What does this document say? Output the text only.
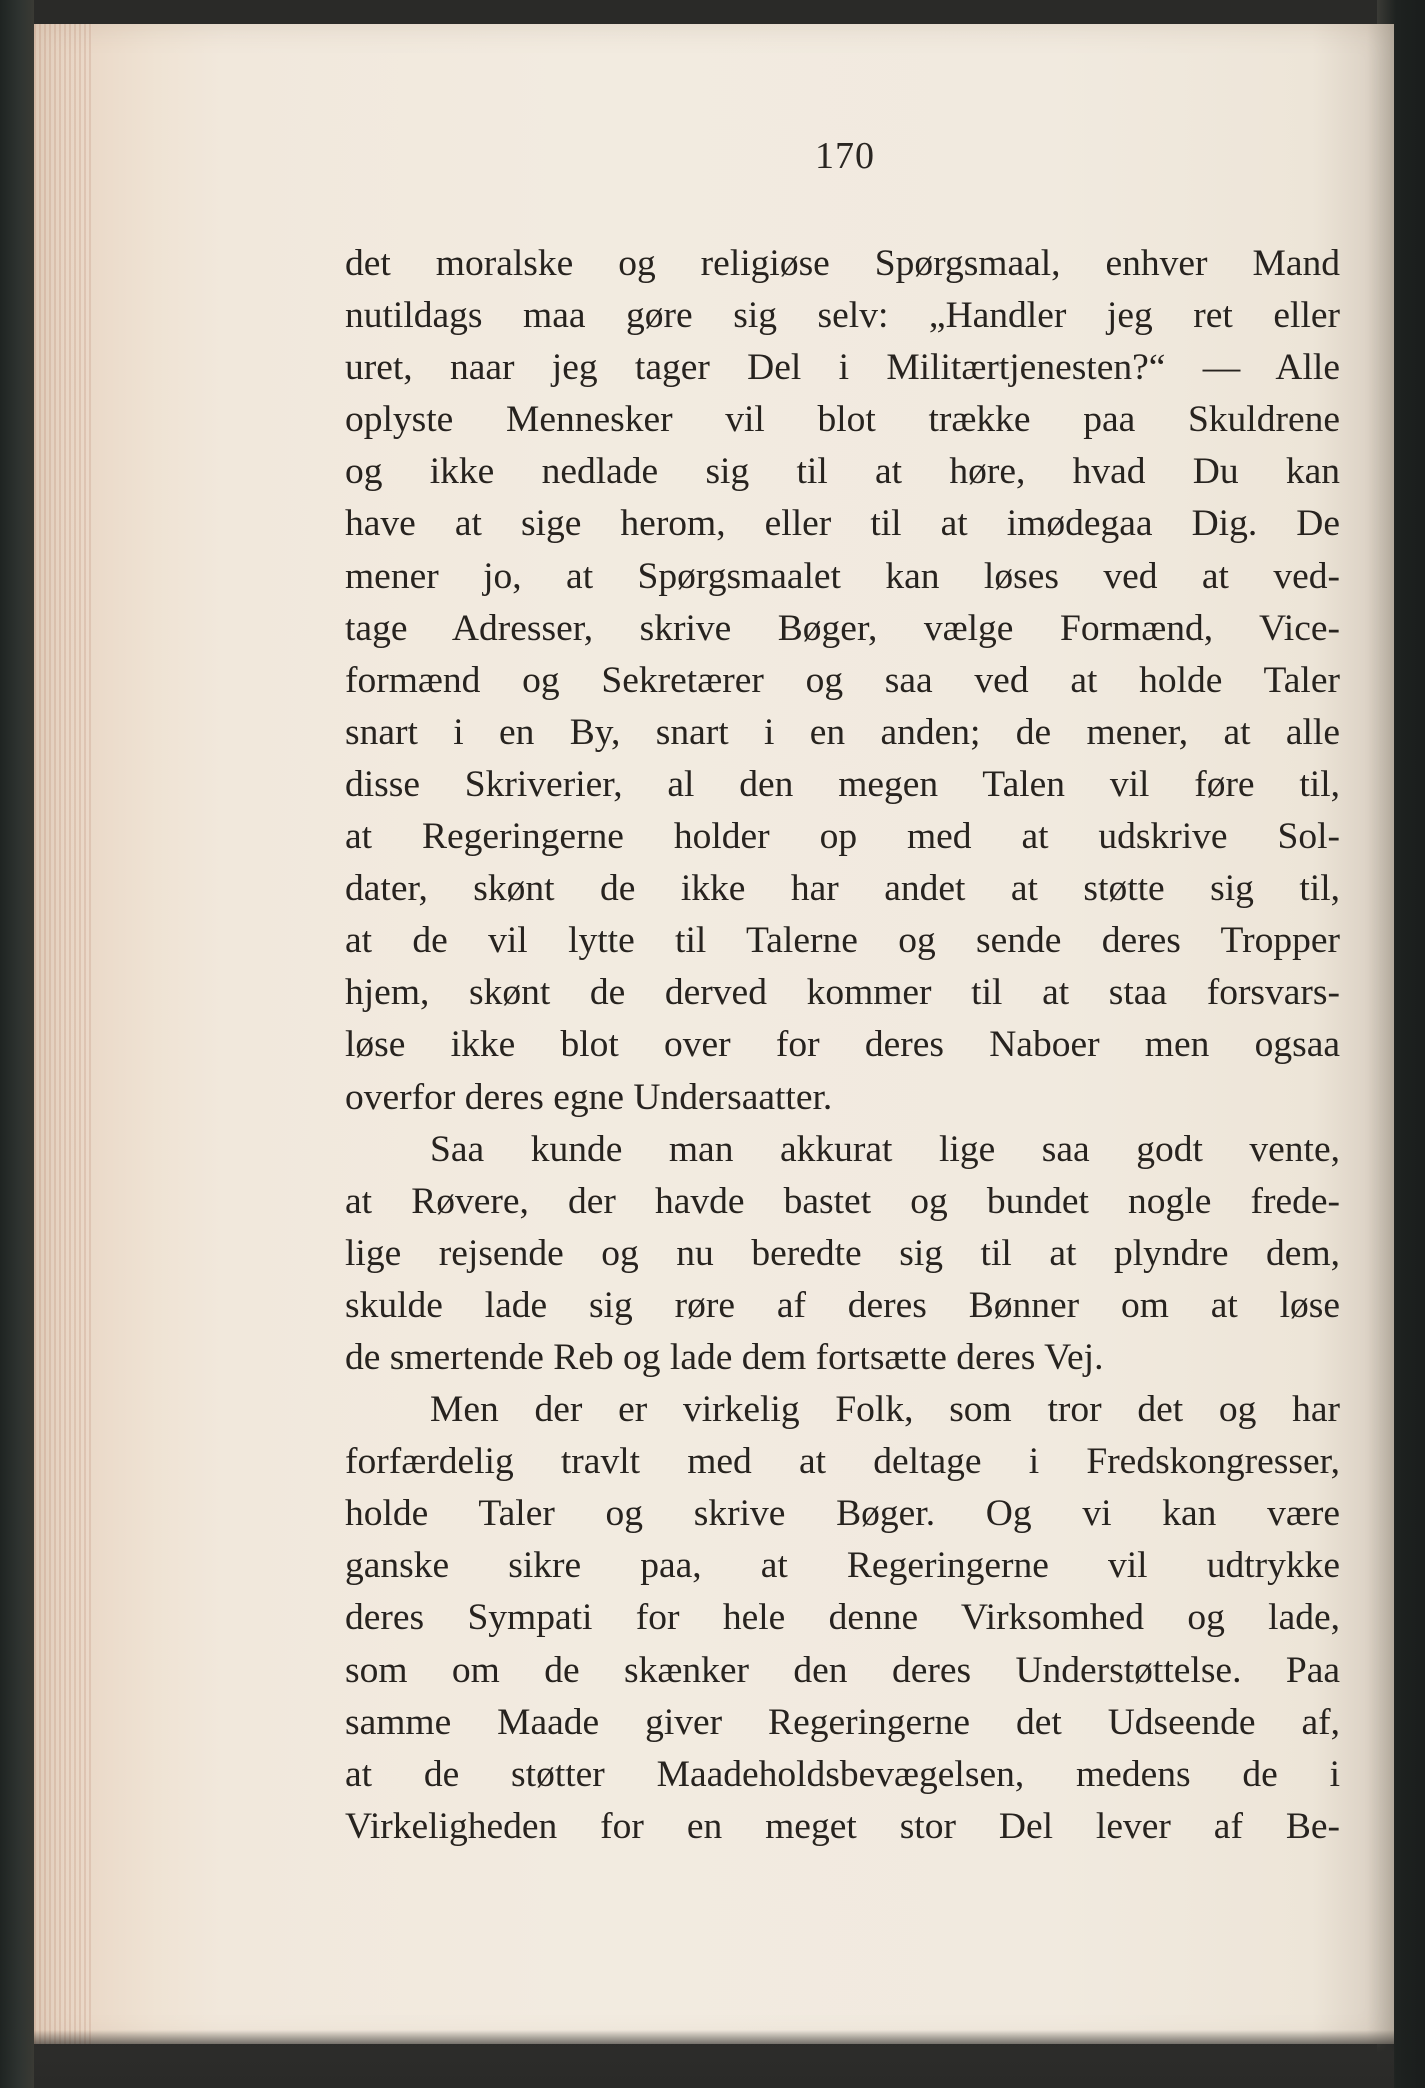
170
det moralske og religiøse Spørgsmaal, enhver Mand
nutildags maa gøre sig selv: „Handler jeg ret eller
uret, naar jeg tager Del i Militærtjenesten?“ — Alle
oplyste Mennesker vil blot trække paa Skuldrene
og ikke nedlade sig til at høre, hvad Du kan
have at sige herom, eller til at imødegaa Dig. De
mener jo, at Spørgsmaalet kan løses ved at ved-
tage Adresser, skrive Bøger, vælge Formænd, Vice-
formænd og Sekretærer og saa ved at holde Taler
snart i en By, snart i en anden; de mener, at alle
disse Skriverier, al den megen Talen vil føre til,
at Regeringerne holder op med at udskrive Sol-
dater, skønt de ikke har andet at støtte sig til,
at de vil lytte til Talerne og sende deres Tropper
hjem, skønt de derved kommer til at staa forsvars-
løse ikke blot over for deres Naboer men ogsaa
overfor deres egne Undersaatter.
Saa kunde man akkurat lige saa godt vente,
at Røvere, der havde bastet og bundet nogle frede-
lige rejsende og nu beredte sig til at plyndre dem,
skulde lade sig røre af deres Bønner om at løse
de smertende Reb og lade dem fortsætte deres Vej.
Men der er virkelig Folk, som tror det og har
forfærdelig travlt med at deltage i Fredskongresser,
holde Taler og skrive Bøger. Og vi kan være
ganske sikre paa, at Regeringerne vil udtrykke
deres Sympati for hele denne Virksomhed og lade,
som om de skænker den deres Understøttelse. Paa
samme Maade giver Regeringerne det Udseende af,
at de støtter Maadeholdsbevægelsen, medens de i
Virkeligheden for en meget stor Del lever af Be-
